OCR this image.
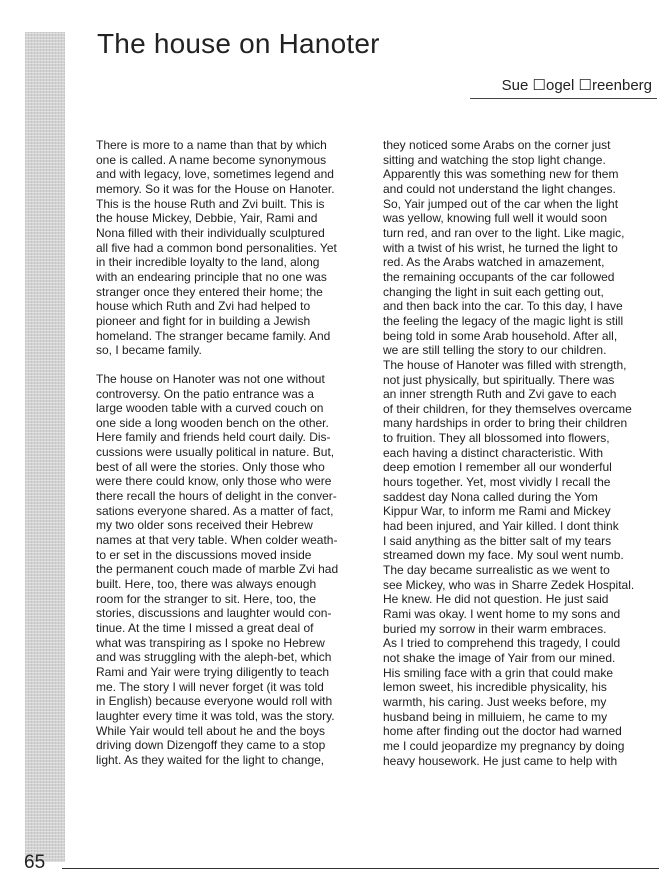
The house on Hanoter
Sue ☐ogel ☐reenberg
There is more to a name than that by which
one is called. A name become synonymous
and with legacy, love, sometimes legend and
memory. So it was for the House on Hanoter.
This is the house Ruth and Zvi built. This is
the house Mickey, Debbie, Yair, Rami and
Nona filled with their individually sculptured
all five had a common bond personalities. Yet
in their incredible loyalty to the land, along
with an endearing principle that no one was
stranger once they entered their home; the
house which Ruth and Zvi had helped to
pioneer and fight for in building a Jewish
homeland. The stranger became family. And
so, I became family.
The house on Hanoter was not one without
controversy. On the patio entrance was a
large wooden table with a curved couch on
one side a long wooden bench on the other.
Here family and friends held court daily. Dis-
cussions were usually political in nature. But,
best of all were the stories. Only those who
were there could know, only those who were
there recall the hours of delight in the conver-
sations everyone shared. As a matter of fact,
my two older sons received their Hebrew
names at that very table. When colder weath-
to er set in the discussions moved inside
the permanent couch made of marble Zvi had
built. Here, too, there was always enough
room for the stranger to sit. Here, too, the
stories, discussions and laughter would con-
tinue. At the time I missed a great deal of
what was transpiring as I spoke no Hebrew
and was struggling with the aleph-bet, which
Rami and Yair were trying diligently to teach
me. The story I will never forget (it was told
in English) because everyone would roll with
laughter every time it was told, was the story.
While Yair would tell about he and the boys
driving down Dizengoff they came to a stop
light. As they waited for the light to change,
they noticed some Arabs on the corner just
sitting and watching the stop light change.
Apparently this was something new for them
and could not understand the light changes.
So, Yair jumped out of the car when the light
was yellow, knowing full well it would soon
turn red, and ran over to the light. Like magic,
with a twist of his wrist, he turned the light to
red. As the Arabs watched in amazement,
the remaining occupants of the car followed
changing the light in suit each getting out,
and then back into the car. To this day, I have
the feeling the legacy of the magic light is still
being told in some Arab household. After all,
we are still telling the story to our children.
The house of Hanoter was filled with strength,
not just physically, but spiritually. There was
an inner strength Ruth and Zvi gave to each
of their children, for they themselves overcame
many hardships in order to bring their children
to fruition. They all blossomed into flowers,
each having a distinct characteristic. With
deep emotion I remember all our wonderful
hours together. Yet, most vividly I recall the
saddest day Nona called during the Yom
Kippur War, to inform me Rami and Mickey
had been injured, and Yair killed. I dont think
I said anything as the bitter salt of my tears
streamed down my face. My soul went numb.
The day became surrealistic as we went to
see Mickey, who was in Sharre Zedek Hospital.
He knew. He did not question. He just said
Rami was okay. I went home to my sons and
buried my sorrow in their warm embraces.
As I tried to comprehend this tragedy, I could
not shake the image of Yair from our mined.
His smiling face with a grin that could make
lemon sweet, his incredible physicality, his
warmth, his caring. Just weeks before, my
husband being in milluiem, he came to my
home after finding out the doctor had warned
me I could jeopardize my pregnancy by doing
heavy housework. He just came to help with
65
